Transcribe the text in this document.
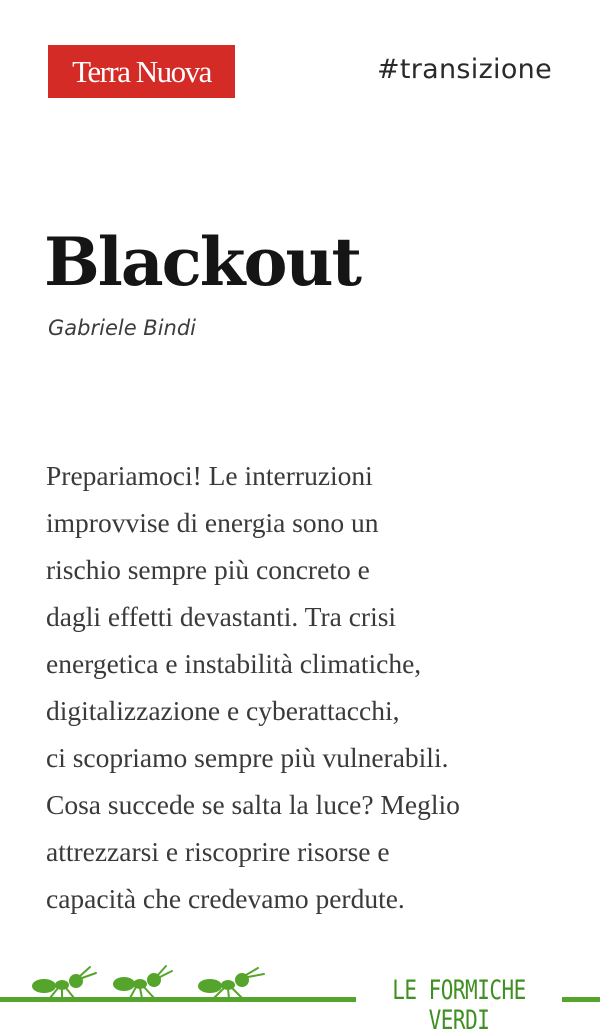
Terra Nuova	#transizione
Blackout
Gabriele Bindi
Prepariamoci! Le interruzioni
improvvise di energia sono un
rischio sempre più concreto e
dagli effetti devastanti. Tra crisi
energetica e instabilità climatiche,
digitalizzazione e cyberattacchi,
ci scopriamo sempre più vulnerabili.
Cosa succede se salta la luce? Meglio
attrezzarsi e riscoprire risorse e
capacità che credevamo perdute.
LE FORMICHE VERDI
